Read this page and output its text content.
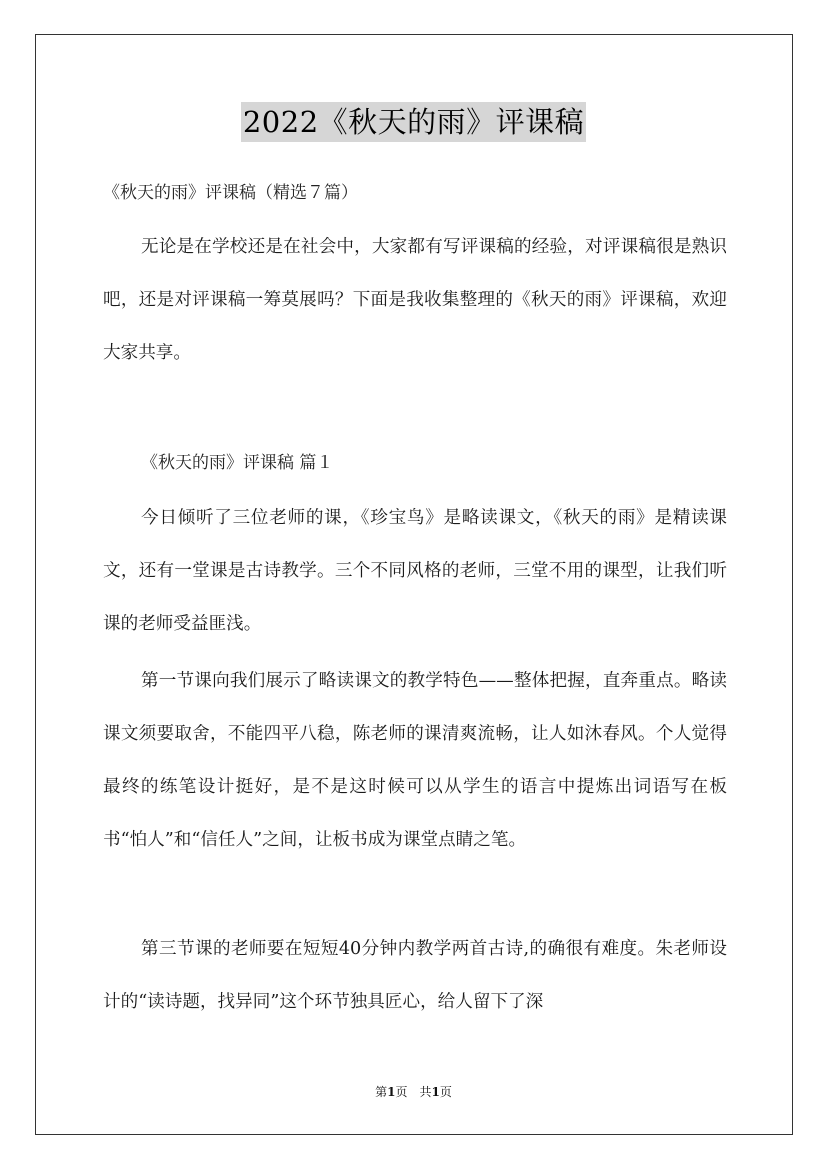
2022《秋天的雨》评课稿
《秋天的雨》评课稿（精选７篇）
无论是在学校还是在社会中，大家都有写评课稿的经验，对评课稿很是熟识吧，还是对评课稿一筹莫展吗？下面是我收集整理的《秋天的雨》评课稿，欢迎大家共享。
《秋天的雨》评课稿 篇１
今日倾听了三位老师的课，《珍宝鸟》是略读课文，《秋天的雨》是精读课文，还有一堂课是古诗教学。三个不同风格的老师，三堂不用的课型，让我们听课的老师受益匪浅。
第一节课向我们展示了略读课文的教学特色——整体把握，直奔重点。略读课文须要取舍，不能四平八稳，陈老师的课清爽流畅，让人如沐春风。个人觉得最终的练笔设计挺好，是不是这时候可以从学生的语言中提炼出词语写在板书“怕人”和“信任人”之间，让板书成为课堂点睛之笔。
第三节课的老师要在短短40分钟内教学两首古诗,的确很有难度。朱老师设计的“读诗题，找异同”这个环节独具匠心，给人留下了深
第1页　共1页
